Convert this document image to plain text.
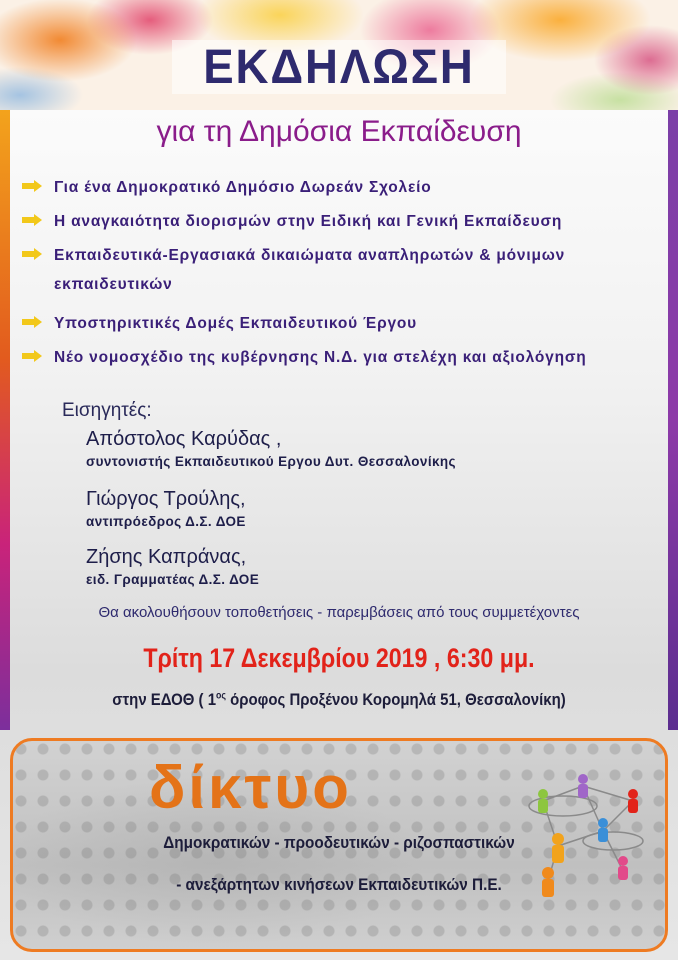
ΕΚΔΗΛΩΣΗ
για τη Δημόσια Εκπαίδευση
Για ένα Δημοκρατικό Δημόσιο Δωρεάν Σχολείο
Η αναγκαιότητα διορισμών στην Ειδική και Γενική Εκπαίδευση
Εκπαιδευτικά-Εργασιακά δικαιώματα αναπληρωτών & μόνιμων
εκπαιδευτικών
Υποστηρικτικές Δομές Εκπαιδευτικού Έργου
Νέο νομοσχέδιο της κυβέρνησης Ν.Δ. για στελέχη και αξιολόγηση
Εισηγητές:
Απόστολος Καρύδας ,
συντονιστής Εκπαιδευτικού Εργου Δυτ. Θεσσαλονίκης
Γιώργος Τρούλης,
αντιπρόεδρος Δ.Σ. ΔΟΕ
Ζήσης Καπράνας,
ειδ. Γραμματέας Δ.Σ. ΔΟΕ
Θα ακολουθήσουν τοποθετήσεις - παρεμβάσεις από τους συμμετέχοντες
Τρίτη 17 Δεκεμβρίου 2019 , 6:30 μμ.
στην ΕΔΟΘ ( $1^{o\varsigma}$ όροφος Προξένου Κορομηλά 51, Θεσσαλονίκη)
δίκτυο
Δημοκρατικών - προοδευτικών - ριζοσπαστικών
- ανεξάρτητων κινήσεων Εκπαιδευτικών Π.Ε.
